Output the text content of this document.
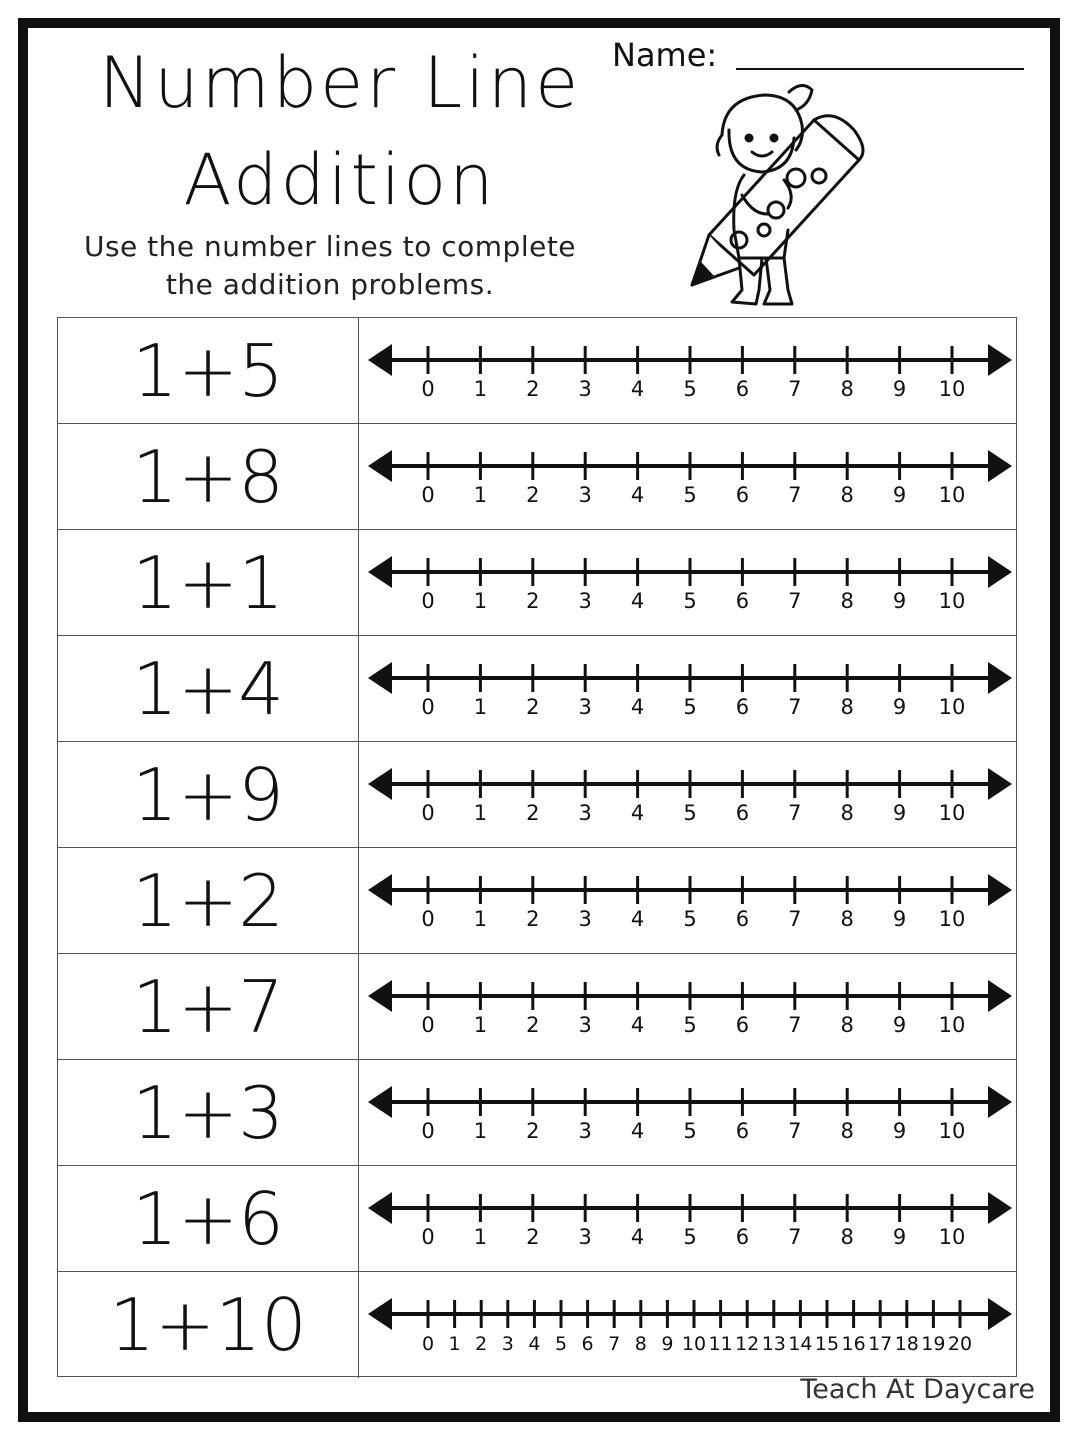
Number Line
Addition
Use the number lines to complete
the addition problems.
Name:
1+5	0 1 2 3 4 5 6 7 8 9 10
1+8	0 1 2 3 4 5 6 7 8 9 10
1+1	0 1 2 3 4 5 6 7 8 9 10
1+4	0 1 2 3 4 5 6 7 8 9 10
1+9	0 1 2 3 4 5 6 7 8 9 10
1+2	0 1 2 3 4 5 6 7 8 9 10
1+7	0 1 2 3 4 5 6 7 8 9 10
1+3	0 1 2 3 4 5 6 7 8 9 10
1+6	0 1 2 3 4 5 6 7 8 9 10
1+10	0 1 2 3 4 5 6 7 8 9 10 11 12 13 14 15 16 17 18 19 20
Teach At Daycare
